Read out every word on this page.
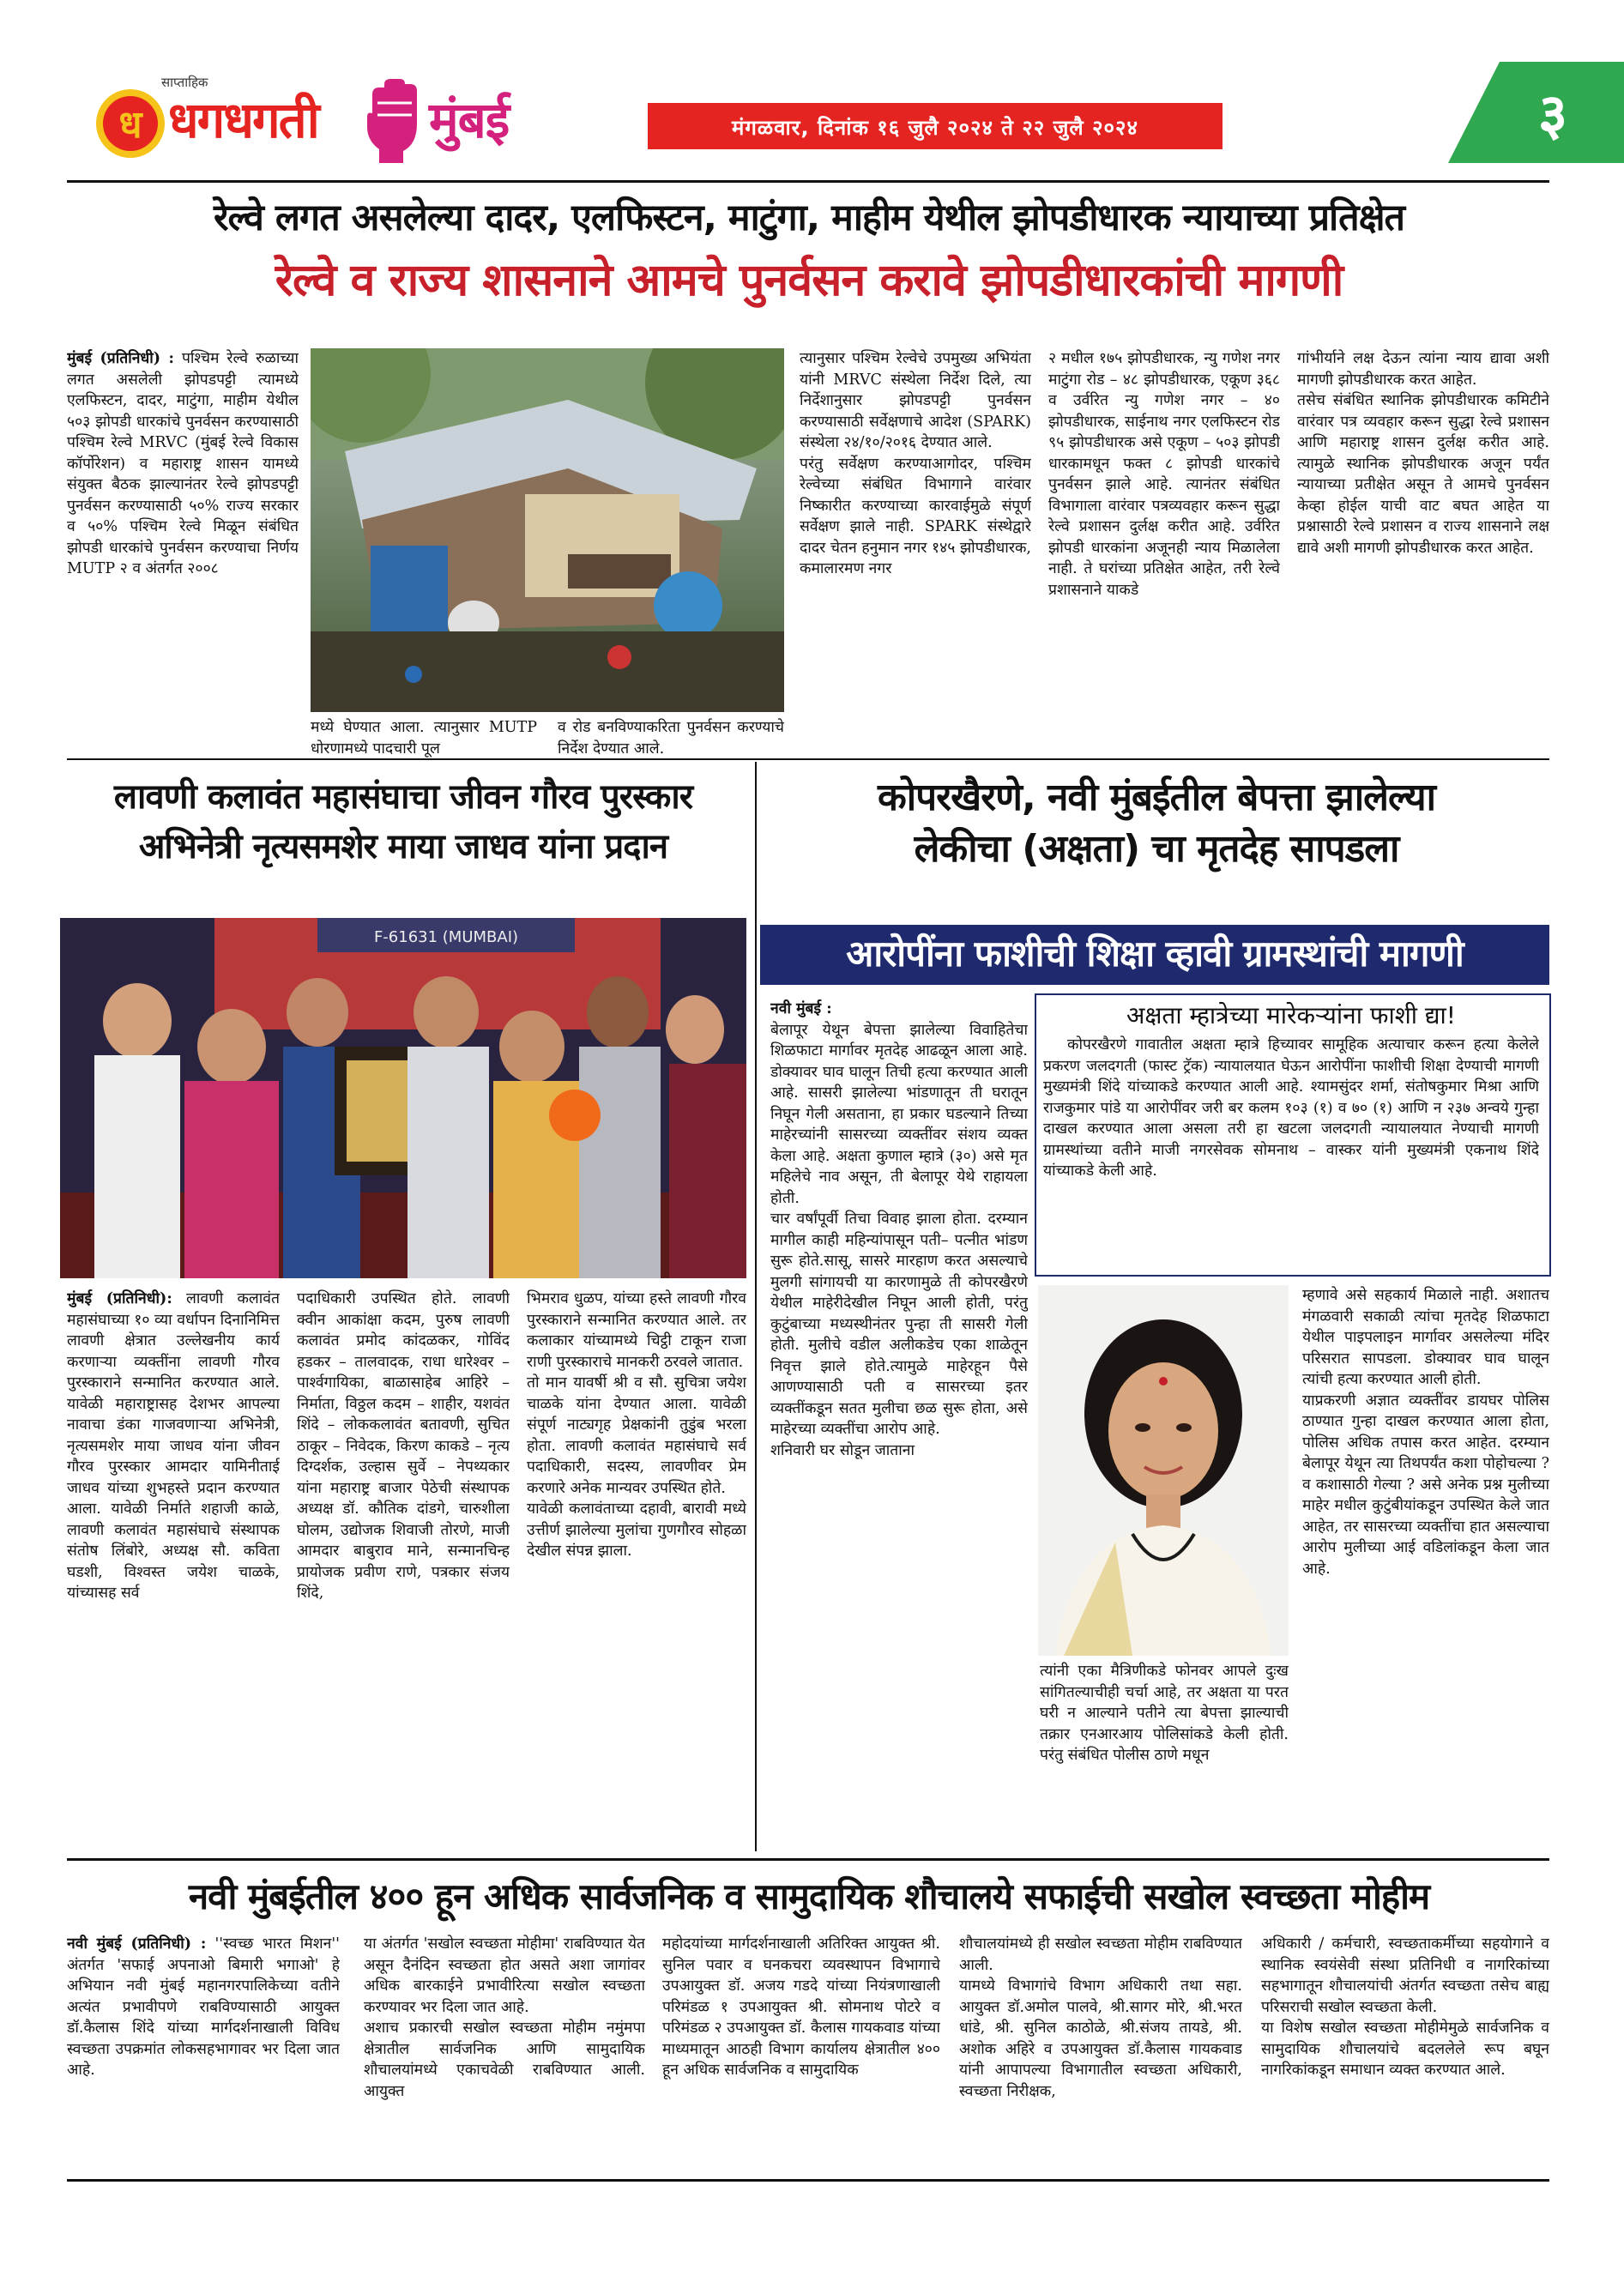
साप्ताहिक
ध धगधगती मुंबई	मंगळवार, दिनांक १६ जुलै २०२४ ते २२ जुलै २०२४	३
रेल्वे लगत असलेल्या दादर, एलफिस्टन, माटुंगा, माहीम येथील झोपडीधारक न्यायाच्या प्रतिक्षेत
रेल्वे व राज्य शासनाने आमचे पुनर्वसन करावे झोपडीधारकांची मागणी

मुंबई (प्रतिनिधी) : पश्चिम रेल्वे रुळाच्या लगत असलेली झोपडपट्टी त्यामध्ये एलफिस्टन, दादर, माटुंगा, माहीम येथील ५०३ झोपडी धारकांचे पुनर्वसन करण्यासाठी पश्चिम रेल्वे MRVC (मुंबई रेल्वे विकास कॉर्पोरेशन) व महाराष्ट्र शासन यामध्ये संयुक्त बैठक झाल्यानंतर रेल्वे झोपडपट्टी पुनर्वसन करण्यासाठी ५०% राज्य सरकार व ५०% पश्चिम रेल्वे मिळून संबंधित झोपडी धारकांचे पुनर्वसन करण्याचा निर्णय MUTP २ व अंतर्गत २००८

मध्ये घेण्यात आला. त्यानुसार MUTP धोरणामध्ये पादचारी पूल

व रोड बनविण्याकरिता पुनर्वसन करण्याचे निर्देश देण्यात आले.

त्यानुसार पश्चिम रेल्वेचे उपमुख्य अभियंता यांनी MRVC संस्थेला निर्देश दिले, त्या निर्देशानुसार झोपडपट्टी पुनर्वसन करण्यासाठी सर्वेक्षणाचे आदेश (SPARK) संस्थेला २४/१०/२०१६ देण्यात आले.
परंतु सर्वेक्षण करण्याआगोदर, पश्चिम रेल्वेच्या संबंधित विभागाने वारंवार निष्कारीत करण्याच्या कारवाईमुळे संपूर्ण सर्वेक्षण झाले नाही. SPARK संस्थेद्वारे दादर चेतन हनुमान नगर १४५ झोपडीधारक, कमालारमण नगर
२ मधील १७५ झोपडीधारक, न्यु गणेश नगर माटुंगा रोड – ४८ झोपडीधारक, एकूण ३६८ व उर्वरित न्यु गणेश नगर – ४० झोपडीधारक, साईनाथ नगर एलफिस्टन रोड ९५ झोपडीधारक असे एकूण – ५०३ झोपडी धारकामधून फक्त ८ झोपडी धारकांचे पुनर्वसन झाले आहे. त्यानंतर संबंधित विभागाला वारंवार पत्रव्यवहार करून सुद्धा रेल्वे प्रशासन दुर्लक्ष करीत आहे. उर्वरित झोपडी धारकांना अजूनही न्याय मिळालेला नाही. ते घरांच्या प्रतिक्षेत आहेत, तरी रेल्वे प्रशासनाने याकडे
गांभीर्याने लक्ष देऊन त्यांना न्याय द्यावा अशी मागणी झोपडीधारक करत आहेत.
तसेच संबंधित स्थानिक झोपडीधारक कमिटीने वारंवार पत्र व्यवहार करून सुद्धा रेल्वे प्रशासन आणि महाराष्ट्र शासन दुर्लक्ष करीत आहे. त्यामुळे स्थानिक झोपडीधारक अजून पर्यंत न्यायाच्या प्रतीक्षेत असून ते आमचे पुनर्वसन केव्हा होईल याची वाट बघत आहेत या प्रश्नासाठी रेल्वे प्रशासन व राज्य शासनाने लक्ष द्यावे अशी मागणी झोपडीधारक करत आहेत.
लावणी कलावंत महासंघाचा जीवन गौरव पुरस्कार
अभिनेत्री नृत्यसमशेर माया जाधव यांना प्रदान
F-61631 (MUMBAI)

मुंबई (प्रतिनिधी): लावणी कलावंत महासंघाच्या १० व्या वर्धापन दिनानिमित्त लावणी क्षेत्रात उल्लेखनीय कार्य करणाऱ्या व्यक्तींना लावणी गौरव पुरस्काराने सन्मानित करण्यात आले. यावेळी महाराष्ट्रासह देशभर आपल्या नावाचा डंका गाजवणाऱ्या अभिनेत्री, नृत्यसमशेर माया जाधव यांना जीवन गौरव पुरस्कार आमदार यामिनीताई जाधव यांच्या शुभहस्ते प्रदान करण्यात आला. यावेळी निर्माते शहाजी काळे, लावणी कलावंत महासंघाचे संस्थापक संतोष लिंबोरे, अध्यक्ष सौ. कविता घडशी, विश्वस्त जयेश चाळके, यांच्यासह सर्व

पदाधिकारी उपस्थित होते. लावणी क्वीन आकांक्षा कदम, पुरुष लावणी कलावंत प्रमोद कांदळकर, गोविंद हडकर – तालवादक, राधा धारेश्वर – पार्श्वगायिका, बाळासाहेब आहिरे – निर्माता, विठ्ठल कदम – शाहीर, यशवंत शिंदे – लोककलावंत बतावणी, सुचित ठाकूर – निवेदक, किरण काकडे – नृत्य दिग्दर्शक, उल्हास सुर्वे – नेपथ्यकार यांना महाराष्ट्र बाजार पेठेची संस्थापक अध्यक्ष डॉ. कौतिक दांडगे, चारुशीला घोलम, उद्योजक शिवाजी तोरणे, माजी आमदार बाबुराव माने, सन्मानचिन्ह प्रायोजक प्रवीण राणे, पत्रकार संजय शिंदे,
भिमराव धुळप, यांच्या हस्ते लावणी गौरव पुरस्काराने सन्मानित करण्यात आले. तर कलाकार यांच्यामध्ये चिट्ठी टाकून राजा राणी पुरस्काराचे मानकरी ठरवले जातात.
तो मान यावर्षी श्री व सौ. सुचित्रा जयेश चाळके यांना देण्यात आला. यावेळी संपूर्ण नाट्यगृह प्रेक्षकांनी तुडुंब भरला होता. लावणी कलावंत महासंघाचे सर्व पदाधिकारी, सदस्य, लावणीवर प्रेम करणारे अनेक मान्यवर उपस्थित होते.
यावेळी कलावंताच्या दहावी, बारावी मध्ये उत्तीर्ण झालेल्या मुलांचा गुणगौरव सोहळा देखील संपन्न झाला.
कोपरखैरणे, नवी मुंबईतील बेपत्ता झालेल्या
लेकीचा (अक्षता) चा मृतदेह सापडला
आरोपींना फाशीची शिक्षा व्हावी ग्रामस्थांची मागणी

नवी मुंबई :
बेलापूर येथून बेपत्ता झालेल्या विवाहितेचा शिळफाटा मार्गावर मृतदेह आढळून आला आहे. डोक्यावर घाव घालून तिची हत्या करण्यात आली आहे. सासरी झालेल्या भांडणातून ती घरातून निघून गेली असताना, हा प्रकार घडल्याने तिच्या माहेरच्यांनी सासरच्या व्यक्तींवर संशय व्यक्त केला आहे. अक्षता कुणाल म्हात्रे (३०) असे मृत महिलेचे नाव असून, ती बेलापूर येथे राहायला होती.
चार वर्षांपूर्वी तिचा विवाह झाला होता. दरम्यान मागील काही महिन्यांपासून पती– पत्नीत भांडण सुरू होते.सासू, सासरे मारहाण करत असल्याचे मुलगी सांगायची या कारणामुळे ती कोपरखैरणे येथील माहेरीदेखील निघून आली होती, परंतु कुटुंबाच्या मध्यस्थीनंतर पुन्हा ती सासरी गेली होती. मुलीचे वडील अलीकडेच एका शाळेतून निवृत्त झाले होते.त्यामुळे माहेरहून पैसे आणण्यासाठी पती व सासरच्या इतर व्यक्तींकडून सतत मुलीचा छळ सुरू होता, असे माहेरच्या व्यक्तींचा आरोप आहे.
शनिवारी घर सोडून जाताना

अक्षता म्हात्रेच्या मारेकऱ्यांना फाशी द्या!

कोपरखैरणे गावातील अक्षता म्हात्रे हिच्यावर सामूहिक अत्याचार करून हत्या केलेले प्रकरण जलदगती (फास्ट ट्रॅक) न्यायालयात घेऊन आरोपींना फाशीची शिक्षा देण्याची मागणी मुख्यमंत्री शिंदे यांच्याकडे करण्यात आली आहे. श्यामसुंदर शर्मा, संतोषकुमार मिश्रा आणि राजकुमार पांडे या आरोपींवर जरी बर कलम १०३ (१) व ७० (१) आणि न २३७ अन्वये गुन्हा दाखल करण्यात आला असला तरी हा खटला जलदगती न्यायालयात नेण्याची मागणी ग्रामस्थांच्या वतीने माजी नगरसेवक सोमनाथ – वास्कर यांनी मुख्यमंत्री एकनाथ शिंदे यांच्याकडे केली आहे.

त्यांनी एका मैत्रिणीकडे फोनवर आपले दुःख सांगितल्याचीही चर्चा आहे, तर अक्षता या परत घरी न आल्याने पतीने त्या बेपत्ता झाल्याची तक्रार एनआरआय पोलिसांकडे केली होती. परंतु संबंधित पोलीस ठाणे मधून
म्हणावे असे सहकार्य मिळाले नाही. अशातच मंगळवारी सकाळी त्यांचा मृतदेह शिळफाटा येथील पाइपलाइन मार्गावर असलेल्या मंदिर परिसरात सापडला. डोक्यावर घाव घालून त्यांची हत्या करण्यात आली होती.
याप्रकरणी अज्ञात व्यक्तींवर डायघर पोलिस ठाण्यात गुन्हा दाखल करण्यात आला होता, पोलिस अधिक तपास करत आहेत. दरम्यान बेलापूर येथून त्या तिथपर्यंत कशा पोहोचल्या ? व कशासाठी गेल्या ? असे अनेक प्रश्न मुलीच्या माहेर मधील कुटुंबीयांकडून उपस्थित केले जात आहेत, तर सासरच्या व्यक्तींचा हात असल्याचा आरोप मुलीच्या आई वडिलांकडून केला जात आहे.
नवी मुंबईतील ४०० हून अधिक सार्वजनिक व सामुदायिक शौचालये सफाईची सखोल स्वच्छता मोहीम

नवी मुंबई (प्रतिनिधी) : ''स्वच्छ भारत मिशन'' अंतर्गत 'सफाई अपनाओ बिमारी भगाओ' हे अभियान नवी मुंबई महानगरपालिकेच्या वतीने अत्यंत प्रभावीपणे राबविण्यासाठी आयुक्त डॉ.कैलास शिंदे यांच्या मार्गदर्शनाखाली विविध स्वच्छता उपक्रमांत लोकसहभागावर भर दिला जात आहे.

या अंतर्गत 'सखोल स्वच्छता मोहीमा' राबविण्यात येत असून दैनंदिन स्वच्छता होत असते अशा जागांवर अधिक बारकाईने प्रभावीरित्या सखोल स्वच्छता करण्यावर भर दिला जात आहे.
अशाच प्रकारची सखोल स्वच्छता मोहीम नमुंमपा क्षेत्रातील सार्वजनिक आणि सामुदायिक शौचालयांमध्ये एकाचवेळी राबविण्यात आली. आयुक्त
महोदयांच्या मार्गदर्शनाखाली अतिरिक्त आयुक्त श्री. सुनिल पवार व घनकचरा व्यवस्थापन विभागाचे उपआयुक्त डॉ. अजय गडदे यांच्या नियंत्रणाखाली परिमंडळ १ उपआयुक्त श्री. सोमनाथ पोटरे व परिमंडळ २ उपआयुक्त डॉ. कैलास गायकवाड यांच्या माध्यमातून आठही विभाग कार्यालय क्षेत्रातील ४०० हून अधिक सार्वजनिक व सामुदायिक
शौचालयांमध्ये ही सखोल स्वच्छता मोहीम राबविण्यात आली.
यामध्ये विभागांचे विभाग अधिकारी तथा सहा. आयुक्त डॉ.अमोल पालवे, श्री.सागर मोरे, श्री.भरत धांडे, श्री. सुनिल काठोळे, श्री.संजय तायडे, श्री. अशोक अहिरे व उपआयुक्त डॉ.कैलास गायकवाड यांनी आपापल्या विभागातील स्वच्छता अधिकारी, स्वच्छता निरीक्षक,
अधिकारी / कर्मचारी, स्वच्छताकर्मीच्या सहयोगाने व स्थानिक स्वयंसेवी संस्था प्रतिनिधी व नागरिकांच्या सहभागातून शौचालयांची अंतर्गत स्वच्छता तसेच बाह्य परिसराची सखोल स्वच्छता केली.
या विशेष सखोल स्वच्छता मोहीमेमुळे सार्वजनिक व सामुदायिक शौचालयांचे बदललेले रूप बघून नागरिकांकडून समाधान व्यक्त करण्यात आले.
